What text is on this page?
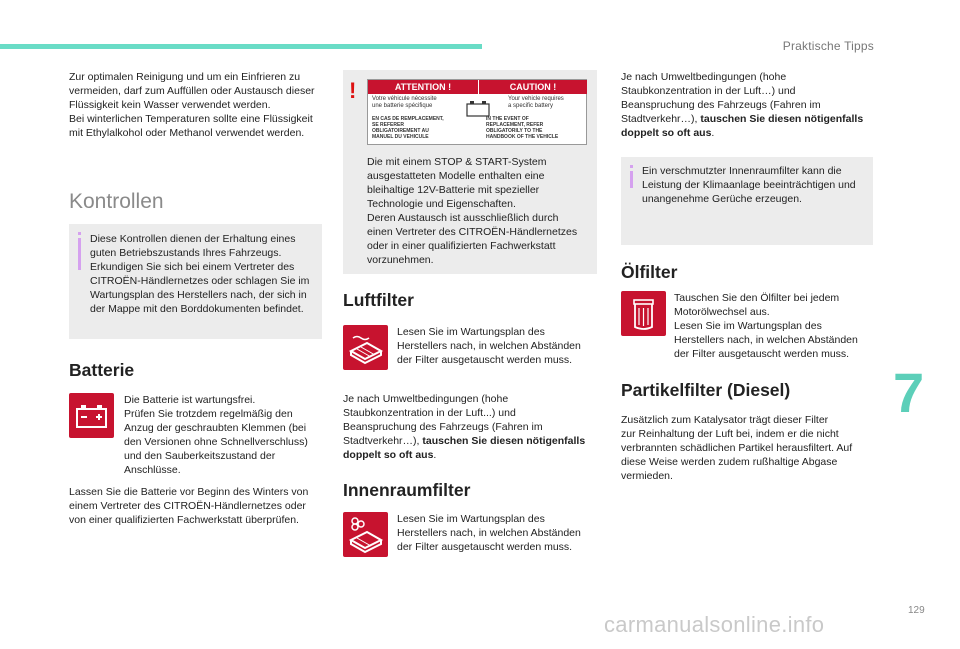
Praktische Tipps
Zur optimalen Reinigung und um ein Einfrieren zu
vermeiden, darf zum Auffüllen oder Austausch dieser
Flüssigkeit kein Wasser verwendet werden.
Bei winterlichen Temperaturen sollte eine Flüssigkeit
mit Ethylalkohol oder Methanol verwendet werden.
Kontrollen
Diese Kontrollen dienen der Erhaltung eines
guten Betriebszustands Ihres Fahrzeugs.
Erkundigen Sie sich bei einem Vertreter des
CITROËN-Händlernetzes oder schlagen Sie im
Wartungsplan des Herstellers nach, der sich in
der Mappe mit den Borddokumenten befindet.
Batterie
Die Batterie ist wartungsfrei.
Prüfen Sie trotzdem regelmäßig den
Anzug der geschraubten Klemmen (bei
den Versionen ohne Schnellverschluss)
und den Sauberkeitszustand der
Anschlüsse.
Lassen Sie die Batterie vor Beginn des Winters von
einem Vertreter des CITROËN-Händlernetzes oder
von einer qualifizierten Fachwerkstatt überprüfen.
!	ATTENTION !	CAUTION !
Votre véhicule nécessite
une batterie spécifique
Your vehicle requires
a specific battery
EN CAS DE REMPLACEMENT,
SE REFERER
OBLIGATOIREMENT AU
MANUEL DU VEHICULE
IN THE EVENT OF
REPLACEMENT, REFER
OBLIGATORILY TO THE
HANDBOOK OF THE VEHICLE
Die mit einem STOP & START-System
ausgestatteten Modelle enthalten eine
bleihaltige 12V-Batterie mit spezieller
Technologie und Eigenschaften.
Deren Austausch ist ausschließlich durch
einen Vertreter des CITROËN-Händlernetzes
oder in einer qualifizierten Fachwerkstatt
vorzunehmen.
Luftfilter
Lesen Sie im Wartungsplan des
Herstellers nach, in welchen Abständen
der Filter ausgetauscht werden muss.
Je nach Umweltbedingungen (hohe
Staubkonzentration in der Luft...) und
Beanspruchung des Fahrzeugs (Fahren im
Stadtverkehr…), tauschen Sie diesen nötigenfalls
doppelt so oft aus.
Innenraumfilter
Lesen Sie im Wartungsplan des
Herstellers nach, in welchen Abständen
der Filter ausgetauscht werden muss.
Je nach Umweltbedingungen (hohe
Staubkonzentration in der Luft…) und
Beanspruchung des Fahrzeugs (Fahren im
Stadtverkehr…), tauschen Sie diesen nötigenfalls
doppelt so oft aus.
Ein verschmutzter Innenraumfilter kann die
Leistung der Klimaanlage beeinträchtigen und
unangenehme Gerüche erzeugen.
Ölfilter
Tauschen Sie den Ölfilter bei jedem
Motorölwechsel aus.
Lesen Sie im Wartungsplan des
Herstellers nach, in welchen Abständen
der Filter ausgetauscht werden muss.
Partikelfilter (Diesel)
Zusätzlich zum Katalysator trägt dieser Filter
zur Reinhaltung der Luft bei, indem er die nicht
verbrannten schädlichen Partikel herausfiltert. Auf
diese Weise werden zudem rußhaltige Abgase
vermieden.
7
129
carmanualsonline.info
